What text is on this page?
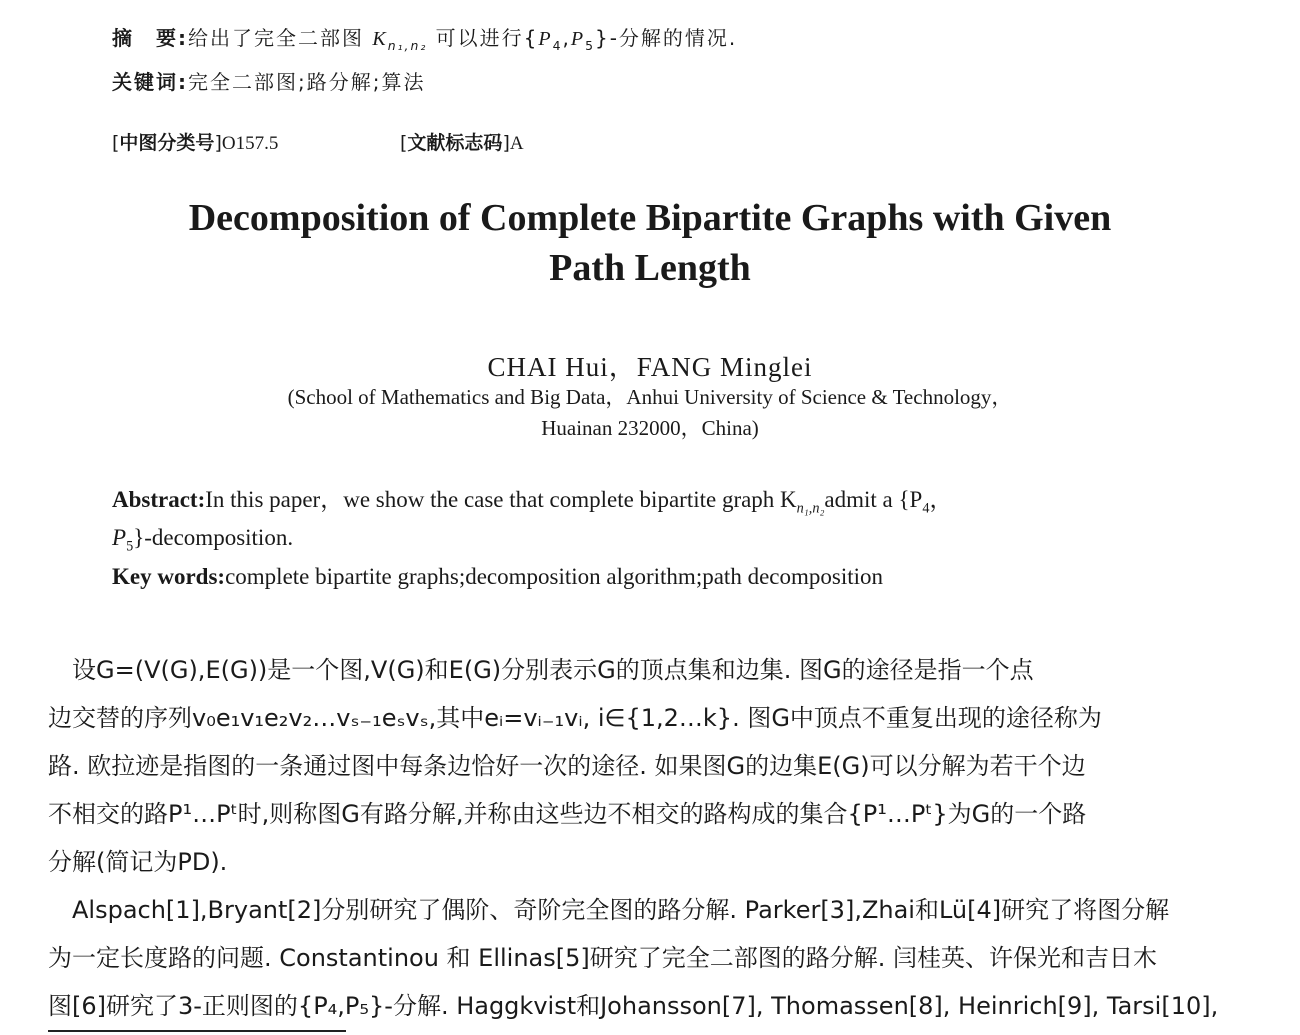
摘　要:给出了完全二部图 $K_{n_1,n_2}$ 可以进行$\{P_4,P_5\}-$分解的情况.
关键词:完全二部图;路分解;算法
[中图分类号]O157.5	[文献标志码]A
Decomposition of Complete Bipartite Graphs with Given
Path Length
CHAI Hui，FANG Minglei
(School of Mathematics and Big Data，Anhui University of Science & Technology，
Huainan 232000，China)
Abstract:In this paper，we show the case that complete bipartite graph $K_{n_1,n_2}admit$ a {$P_4$，
$P_5$}-decomposition.
Key words:complete bipartite graphs;decomposition algorithm;path decomposition
　设G=(V(G),E(G))是一个图,V(G)和E(G)分别表示G的顶点集和边集. 图G的途径是指一个点
边交替的序列v₀e₁v₁e₂v₂…vₛ₋₁eₛvₛ,其中eᵢ=vᵢ₋₁vᵢ, i∈{1,2…k}. 图G中顶点不重复出现的途径称为
路. 欧拉迹是指图的一条通过图中每条边恰好一次的途径. 如果图G的边集E(G)可以分解为若干个边
不相交的路P¹…Pᵗ时,则称图G有路分解,并称由这些边不相交的路构成的集合{P¹…Pᵗ}为G的一个路
分解(简记为PD).
　Alspach[1],Bryant[2]分别研究了偶阶、奇阶完全图的路分解. Parker[3],Zhai和Lü[4]研究了将图分解
为一定长度路的问题. Constantinou 和 Ellinas[5]研究了完全二部图的路分解. 闫桂英、许保光和吉日木
图[6]研究了3-正则图的{P₄,P₅}-分解. Haggkvist和Johansson[7], Thomassen[8], Heinrich[9], Tarsi[10],
